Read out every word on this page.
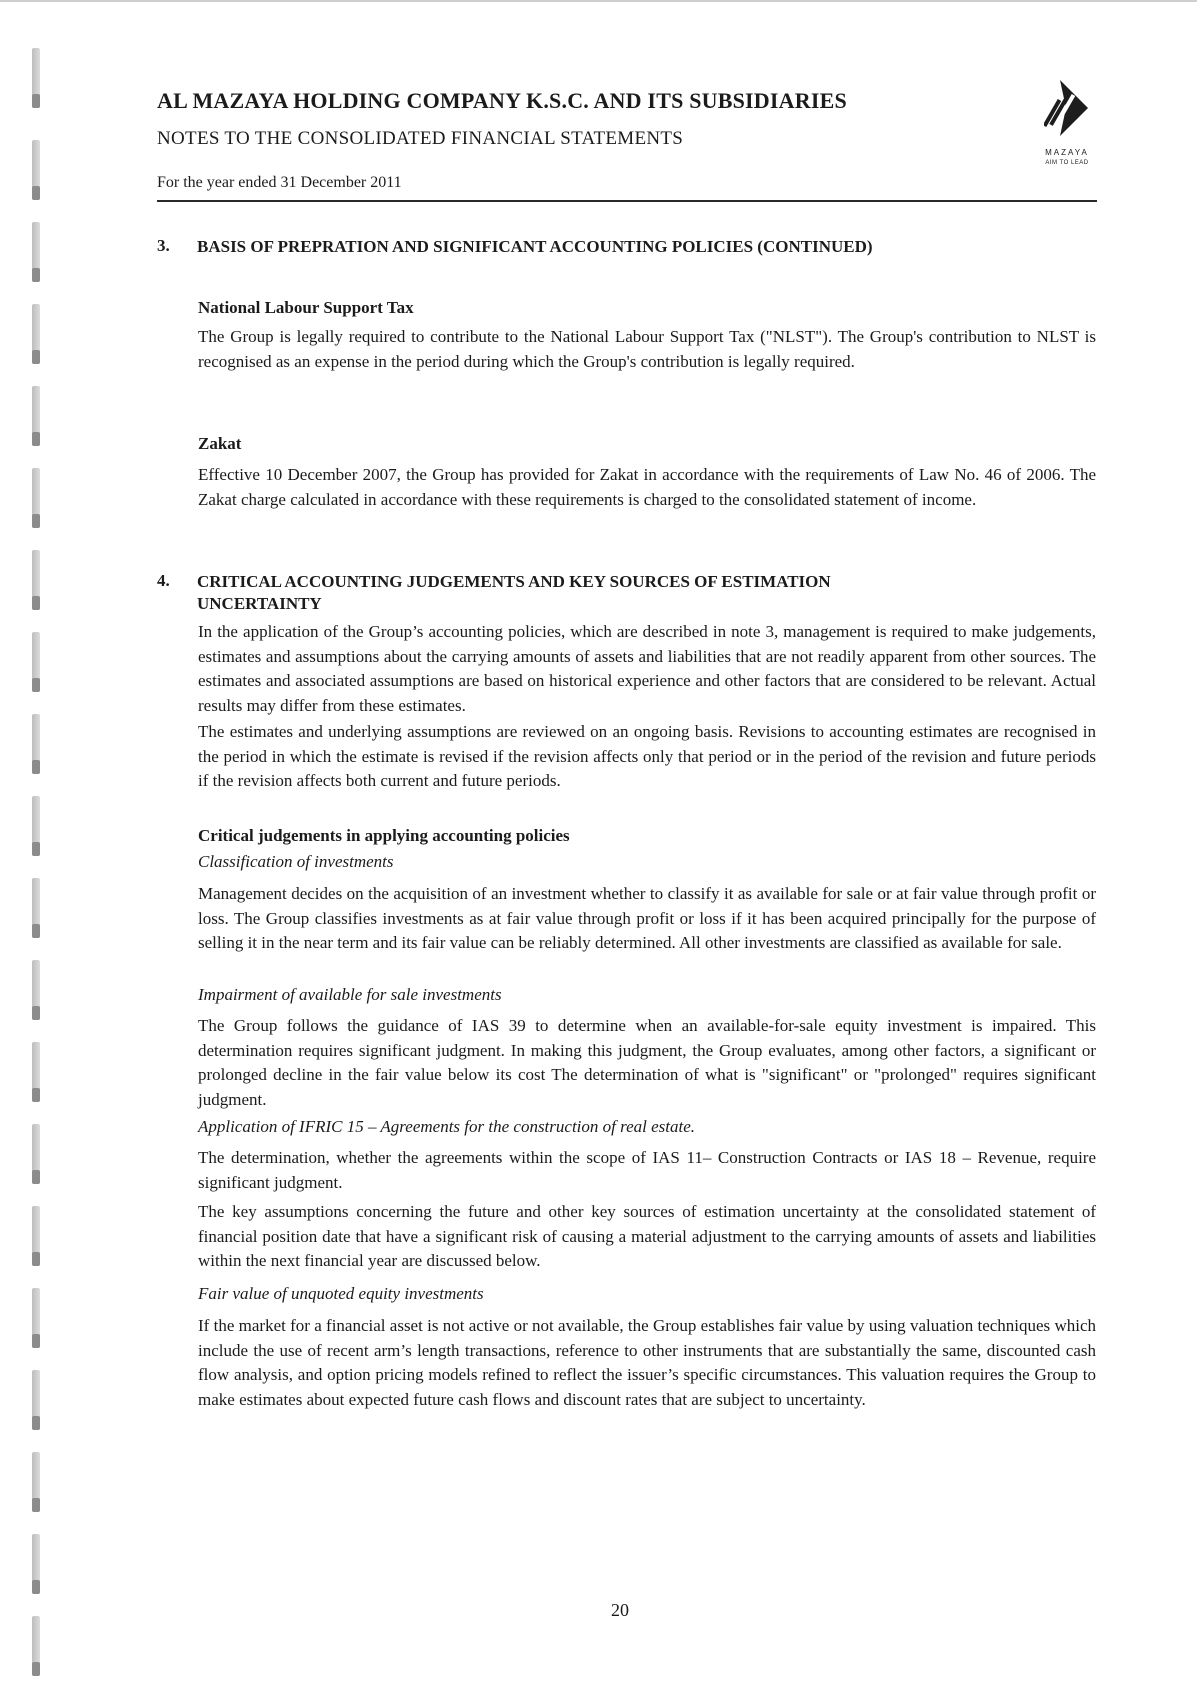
AL MAZAYA HOLDING COMPANY K.S.C. AND ITS SUBSIDIARIES
NOTES TO THE CONSOLIDATED FINANCIAL STATEMENTS
For the year ended 31 December 2011
MAZAYA
AIM TO LEAD
3. BASIS OF PREPRATION AND SIGNIFICANT ACCOUNTING POLICIES (CONTINUED)
National Labour Support Tax
The Group is legally required to contribute to the National Labour Support Tax ("NLST"). The Group's contribution to NLST is recognised as an expense in the period during which the Group's contribution is legally required.
Zakat
Effective 10 December 2007, the Group has provided for Zakat in accordance with the requirements of Law No. 46 of 2006. The Zakat charge calculated in accordance with these requirements is charged to the consolidated statement of income.
4. CRITICAL ACCOUNTING JUDGEMENTS AND KEY SOURCES OF ESTIMATION
UNCERTAINTY
In the application of the Group’s accounting policies, which are described in note 3, management is required to make judgements, estimates and assumptions about the carrying amounts of assets and liabilities that are not readily apparent from other sources. The estimates and associated assumptions are based on historical experience and other factors that are considered to be relevant. Actual results may differ from these estimates.
The estimates and underlying assumptions are reviewed on an ongoing basis. Revisions to accounting estimates are recognised in the period in which the estimate is revised if the revision affects only that period or in the period of the revision and future periods if the revision affects both current and future periods.
Critical judgements in applying accounting policies
Classification of investments
Management decides on the acquisition of an investment whether to classify it as available for sale or at fair value through profit or loss. The Group classifies investments as at fair value through profit or loss if it has been acquired principally for the purpose of selling it in the near term and its fair value can be reliably determined. All other investments are classified as available for sale.
Impairment of available for sale investments
The Group follows the guidance of IAS 39 to determine when an available-for-sale equity investment is impaired. This determination requires significant judgment. In making this judgment, the Group evaluates, among other factors, a significant or prolonged decline in the fair value below its cost The determination of what is "significant" or "prolonged" requires significant judgment.
Application of IFRIC 15 – Agreements for the construction of real estate.
The determination, whether the agreements within the scope of IAS 11– Construction Contracts or IAS 18 – Revenue, require significant judgment.
The key assumptions concerning the future and other key sources of estimation uncertainty at the consolidated statement of financial position date that have a significant risk of causing a material adjustment to the carrying amounts of assets and liabilities within the next financial year are discussed below.
Fair value of unquoted equity investments
If the market for a financial asset is not active or not available, the Group establishes fair value by using valuation techniques which include the use of recent arm’s length transactions, reference to other instruments that are substantially the same, discounted cash flow analysis, and option pricing models refined to reflect the issuer’s specific circumstances. This valuation requires the Group to make estimates about expected future cash flows and discount rates that are subject to uncertainty.
20
